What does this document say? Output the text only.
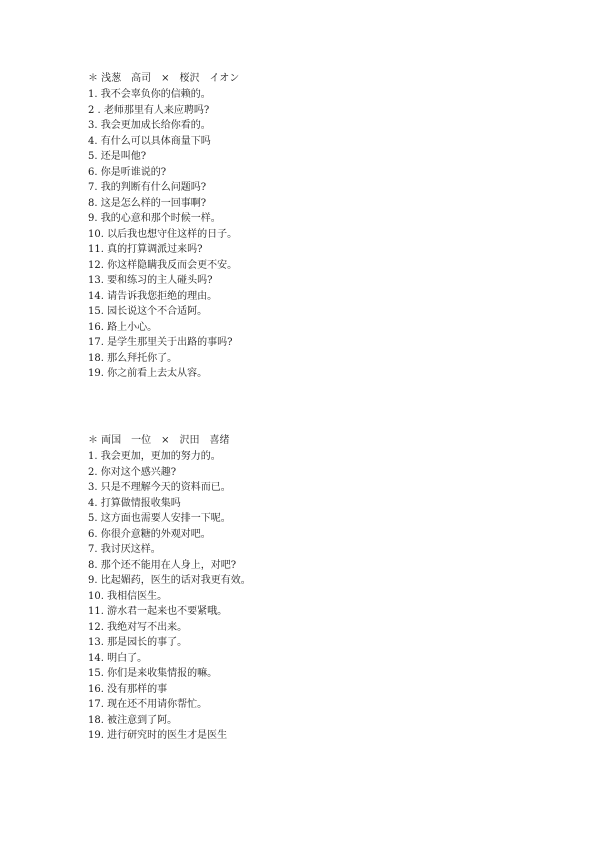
＊ 浅葱　高司　×　桜沢　イオン

1. 我不会辜负你的信赖的。
2 . 老师那里有人来应聘吗?
3. 我会更加成长给你看的。
4. 有什么可以具体商量下吗
5. 还是叫他?
6. 你是听谁说的?
7. 我的判断有什么问题吗?
8. 这是怎么样的一回事啊?
9. 我的心意和那个时候一样。
10. 以后我也想守住这样的日子。
11. 真的打算调派过来吗?
12. 你这样隐瞒我反而会更不安。
13. 要和练习的主人碰头吗?
14. 请告诉我您拒绝的理由。
15. 园长说这个不合适阿。
16. 路上小心。
17. 是学生那里关于出路的事吗?
18. 那么拜托你了。
19. 你之前看上去太从容。

＊ 両国　一位　×　沢田　喜绪

1. 我会更加，更加的努力的。
2. 你对这个感兴趣?
3. 只是不理解今天的资料而已。
4. 打算做情报收集吗
5. 这方面也需要人安排一下呢。
6. 你很介意糖的外观对吧。
7. 我讨厌这样。
8. 那个还不能用在人身上，对吧?
9. 比起媚药，医生的话对我更有效。
10. 我相信医生。
11. 游水君一起来也不要紧哦。
12. 我绝对写不出来。
13. 那是园长的事了。
14. 明白了。
15. 你们是来收集情报的嘛。
16. 没有那样的事
17. 现在还不用请你帮忙。
18. 被注意到了阿。
19. 进行研究时的医生才是医生
